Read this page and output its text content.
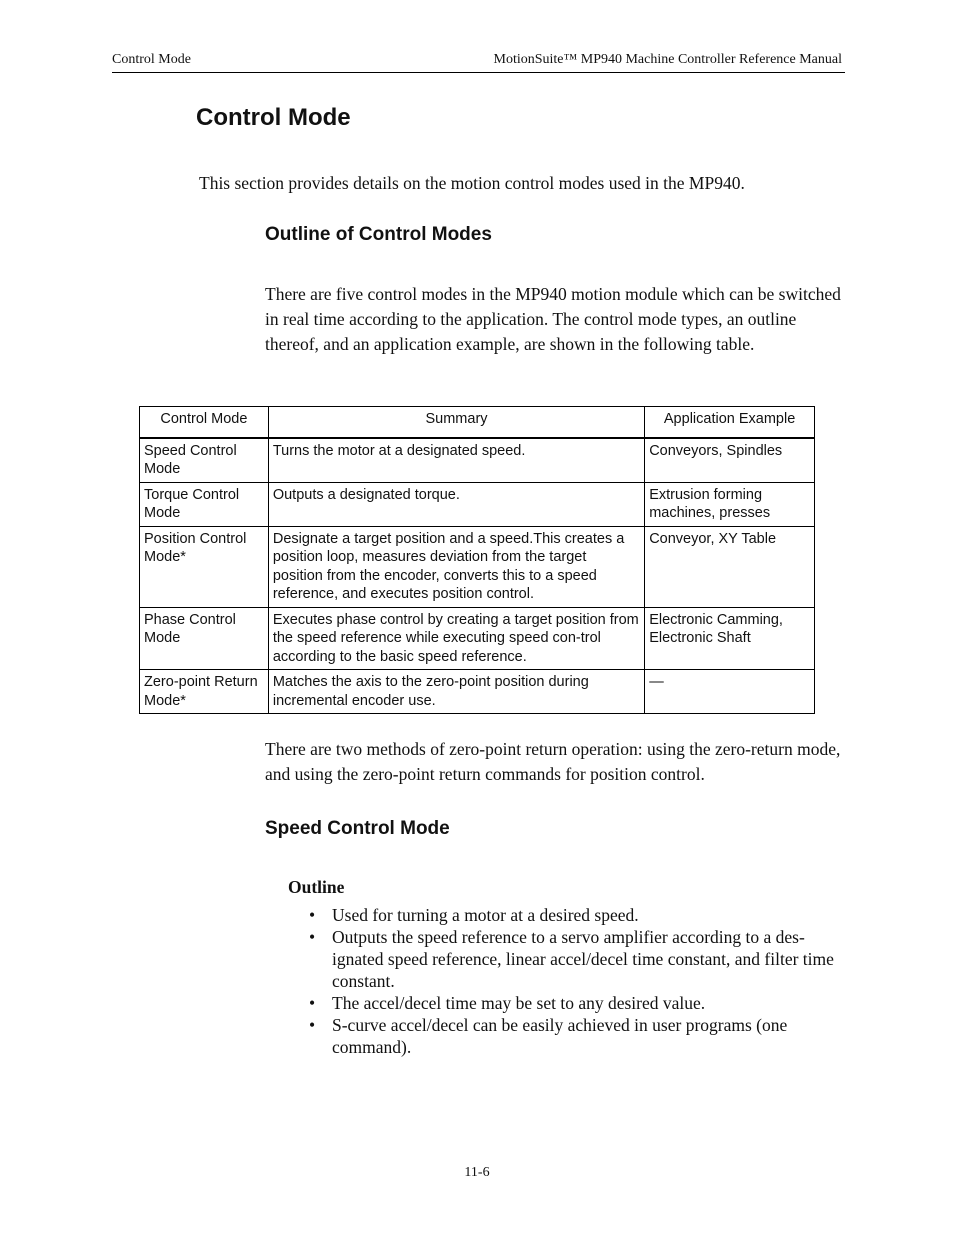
Control Mode	MotionSuite™ MP940 Machine Controller Reference Manual
Control Mode

This section provides details on the motion control modes used in the MP940.

Outline of Control Modes

There are five control modes in the MP940 motion module which can be switched in real time according to the application. The control mode types, an outline thereof, and an application example, are shown in the following table.

Control Mode	Summary	Application Example
Speed Control Mode	Turns the motor at a designated speed.	Conveyors, Spindles
Torque Control Mode	Outputs a designated torque.	Extrusion forming machines, presses
Position Control Mode*	Designate a target position and a speed.This creates a position loop, measures deviation from the target position from the encoder, converts this to a speed reference, and executes position control.	Conveyor, XY Table
Phase Control Mode	Executes phase control by creating a target position from the speed reference while executing speed con-trol according to the basic speed reference.	Electronic Camming, Electronic Shaft
Zero-point Return Mode*	Matches the axis to the zero-point position during incremental encoder use.	—

There are two methods of zero-point return operation: using the zero-return mode, and using the zero-point return commands for position control.

Speed Control Mode
Outline
• Used for turning a motor at a desired speed.
• Outputs the speed reference to a servo amplifier according to a des-ignated speed reference, linear accel/decel time constant, and filter time constant.
• The accel/decel time may be set to any desired value.
• S-curve accel/decel can be easily achieved in user programs (one command).
11-6
